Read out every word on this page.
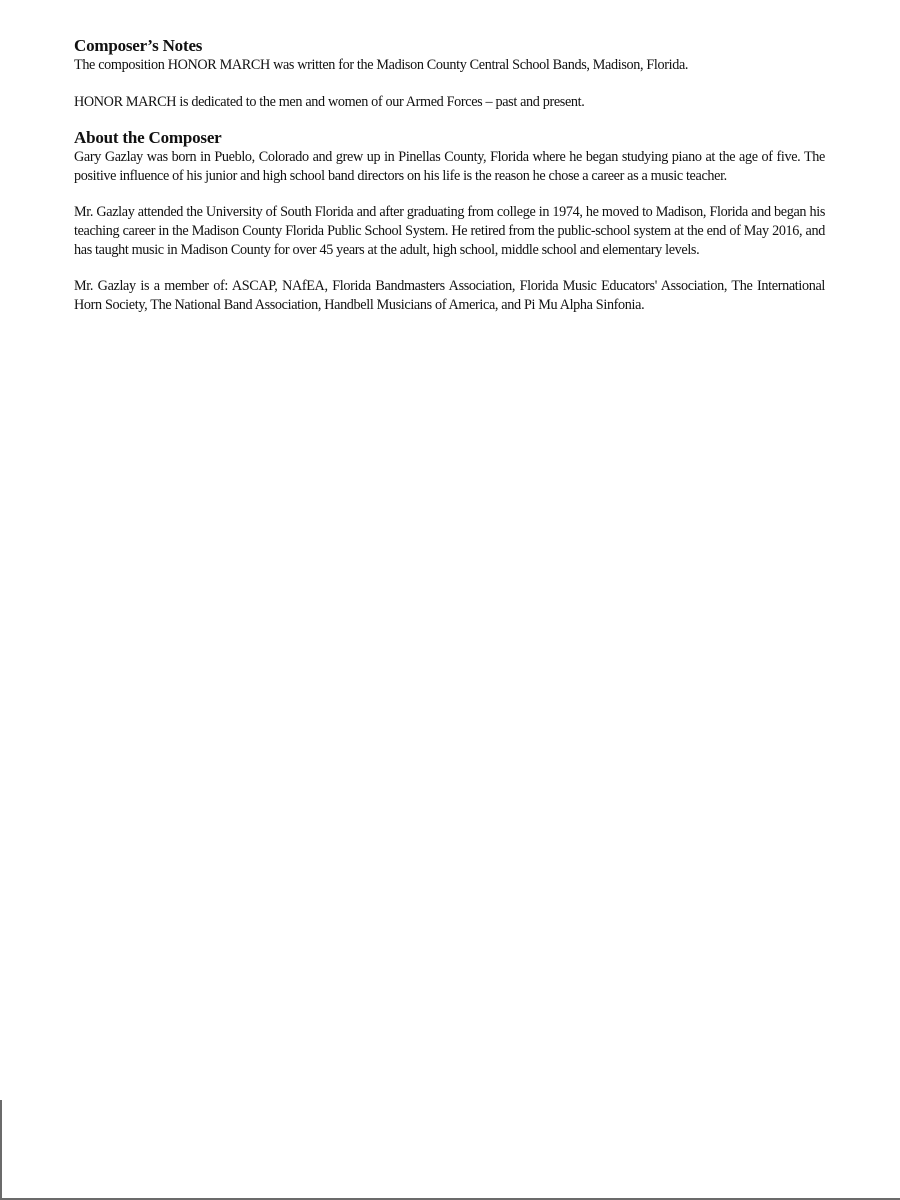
Composer’s Notes

The composition HONOR MARCH was written for the Madison County Central School Bands, Madison, Florida.

HONOR MARCH is dedicated to the men and women of our Armed Forces – past and present.

About the Composer

Gary Gazlay was born in Pueblo, Colorado and grew up in Pinellas County, Florida where he began studying piano at the age of five. The positive influence of his junior and high school band directors on his life is the reason he chose a career as a music teacher.

Mr. Gazlay attended the University of South Florida and after graduating from college in 1974, he moved to Madison, Florida and began his teaching career in the Madison County Florida Public School System. He retired from the public-school system at the end of May 2016, and has taught music in Madison County for over 45 years at the adult, high school, middle school and elementary levels.

Mr. Gazlay is a member of: ASCAP, NAfEA, Florida Bandmasters Association, Florida Music Educators' Association, The International Horn Society, The National Band Association, Handbell Musicians of America, and Pi Mu Alpha Sinfonia.
